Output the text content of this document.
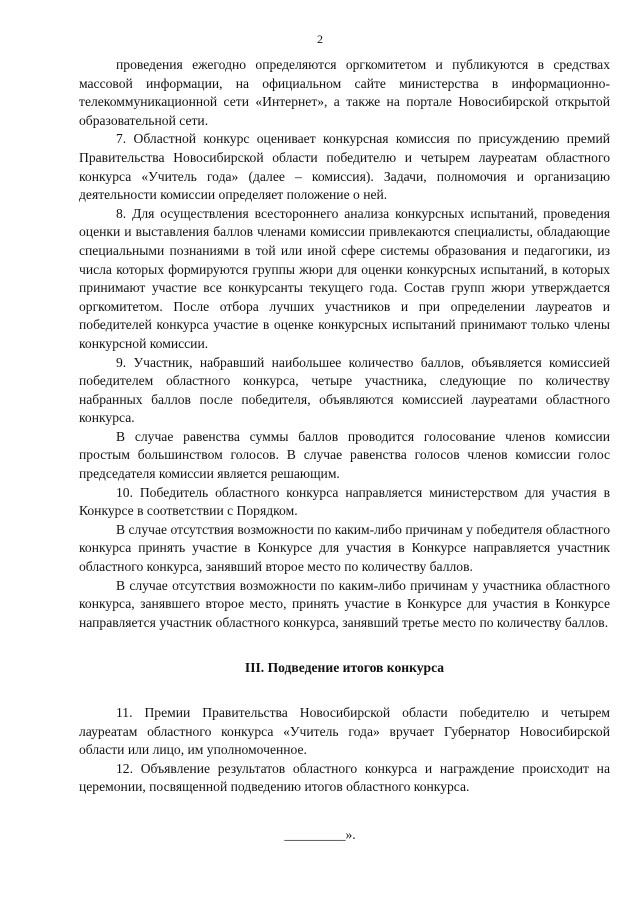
2

проведения ежегодно определяются оргкомитетом и публикуются в средствах массовой информации, на официальном сайте министерства в информационно-телекоммуникационной сети «Интернет», а также на портале Новосибирской открытой образовательной сети.

7. Областной конкурс оценивает конкурсная комиссия по присуждению премий Правительства Новосибирской области победителю и четырем лауреатам областного конкурса «Учитель года» (далее – комиссия). Задачи, полномочия и организацию деятельности комиссии определяет положение о ней.

8. Для осуществления всестороннего анализа конкурсных испытаний, проведения оценки и выставления баллов членами комиссии привлекаются специалисты, обладающие специальными познаниями в той или иной сфере системы образования и педагогики, из числа которых формируются группы жюри для оценки конкурсных испытаний, в которых принимают участие все конкурсанты текущего года. Состав групп жюри утверждается оргкомитетом. После отбора лучших участников и при определении лауреатов и победителей конкурса участие в оценке конкурсных испытаний принимают только члены конкурсной комиссии.

9. Участник, набравший наибольшее количество баллов, объявляется комиссией победителем областного конкурса, четыре участника, следующие по количеству набранных баллов после победителя, объявляются комиссией лауреатами областного конкурса.

В случае равенства суммы баллов проводится голосование членов комиссии простым большинством голосов. В случае равенства голосов членов комиссии голос председателя комиссии является решающим.

10. Победитель областного конкурса направляется министерством для участия в Конкурсе в соответствии с Порядком.

В случае отсутствия возможности по каким-либо причинам у победителя областного конкурса принять участие в Конкурсе для участия в Конкурсе направляется участник областного конкурса, занявший второе место по количеству баллов.

В случае отсутствия возможности по каким-либо причинам у участника областного конкурса, занявшего второе место, принять участие в Конкурсе для участия в Конкурсе направляется участник областного конкурса, занявший третье место по количеству баллов.

III. Подведение итогов конкурса

11. Премии Правительства Новосибирской области победителю и четырем лауреатам областного конкурса «Учитель года» вручает Губернатор Новосибирской области или лицо, им уполномоченное.

12. Объявление результатов областного конкурса и награждение происходит на церемонии, посвященной подведению итогов областного конкурса.

_________».
